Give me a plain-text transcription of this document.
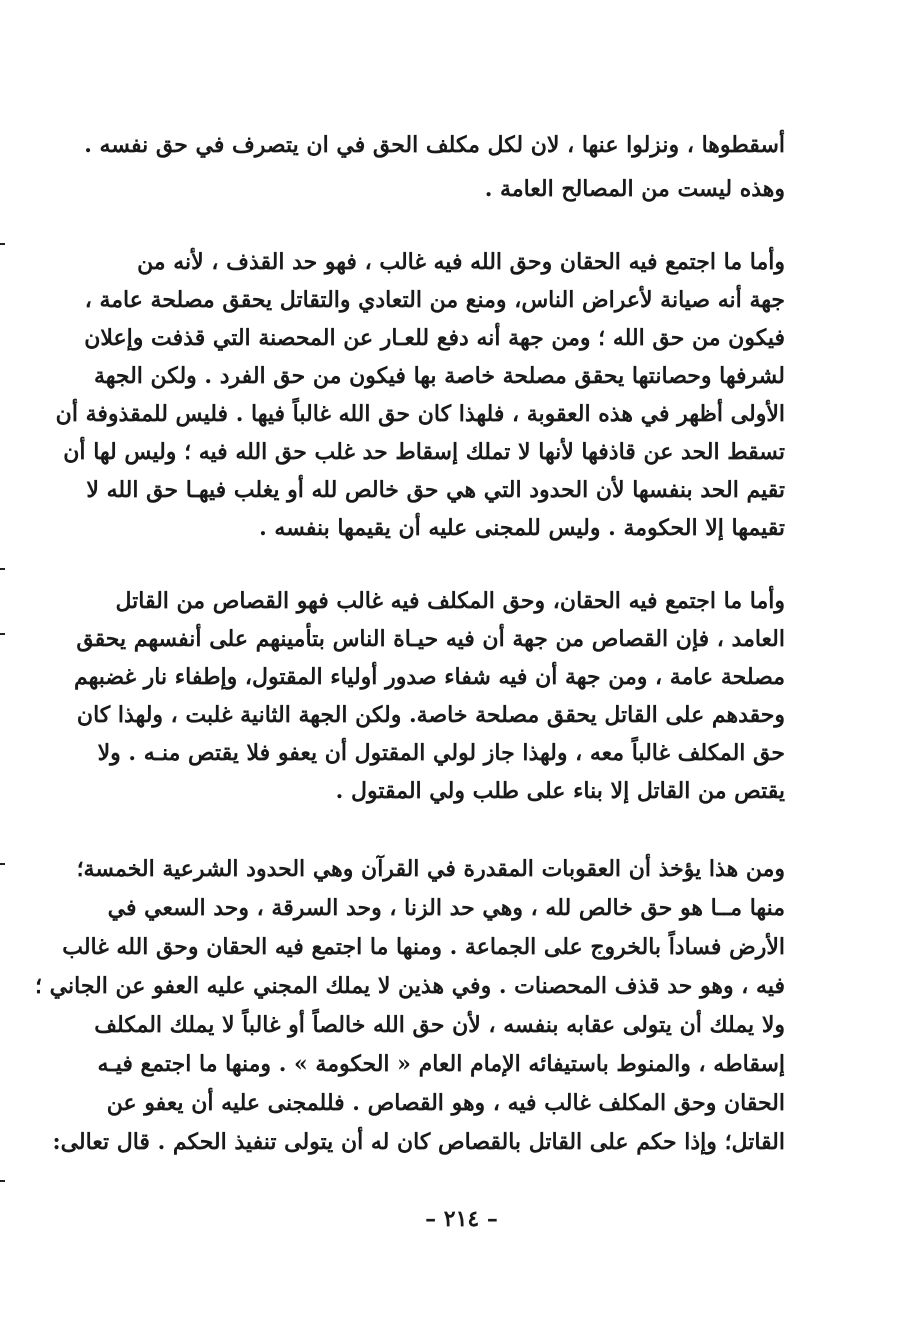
أسقطوها ، ونزلوا عنها ، لان لكل مكلف الحق في ان يتصرف في حق نفسه .

وهذه ليست من المصالح العامة .

وأما ما اجتمع فيه الحقان وحق الله فيه غالب ، فهو حد القذف ، لأنه من

جهة أنه صيانة لأعراض الناس، ومنع من التعادي والتقاتل يحقق مصلحة عامة ،

فيكون من حق الله ؛ ومن جهة أنه دفع للعـار عن المحصنة التي قذفت وإعلان

لشرفها وحصانتها يحقق مصلحة خاصة بها فيكون من حق الفرد . ولكن الجهة

الأولى أظهر في هذه العقوبة ، فلهذا كان حق الله غالباً فيها . فليس للمقذوفة أن

تسقط الحد عن قاذفها لأنها لا تملك إسقاط حد غلب حق الله فيه ؛ وليس لها أن

تقيم الحد بنفسها لأن الحدود التي هي حق خالص لله أو يغلب فيهـا حق الله لا

تقيمها إلا الحكومة . وليس للمجنى عليه أن يقيمها بنفسه .

وأما ما اجتمع فيه الحقان، وحق المكلف فيه غالب فهو القصاص من القاتل

العامد ، فإن القصاص من جهة أن فيه حيـاة الناس بتأمينهم على أنفسهم يحقق

مصلحة عامة ، ومن جهة أن فيه شفاء صدور أولياء المقتول، وإطفاء نار غضبهم

وحقدهم على القاتل يحقق مصلحة خاصة. ولكن الجهة الثانية غلبت ، ولهذا كان

حق المكلف غالباً معه ، ولهذا جاز لولي المقتول أن يعفو فلا يقتص منـه . ولا

يقتص من القاتل إلا بناء على طلب ولي المقتول .

ومن هذا يؤخذ أن العقوبات المقدرة في القرآن وهي الحدود الشرعية الخمسة؛

منها مــا هو حق خالص لله ، وهي حد الزنا ، وحد السرقة ، وحد السعي في

الأرض فساداً بالخروج على الجماعة . ومنها ما اجتمع فيه الحقان وحق الله غالب

فيه ، وهو حد قذف المحصنات . وفي هذين لا يملك المجني عليه العفو عن الجاني ؛

ولا يملك أن يتولى عقابه بنفسه ، لأن حق الله خالصاً أو غالباً لا يملك المكلف

إسقاطه ، والمنوط باستيفائه الإمام العام « الحكومة » . ومنها ما اجتمع فيـه

الحقان وحق المكلف غالب فيه ، وهو القصاص . فللمجنى عليه أن يعفو عن

القاتل؛ وإذا حكم على القاتل بالقصاص كان له أن يتولى تنفيذ الحكم . قال تعالى:

– ٢١٤ –
